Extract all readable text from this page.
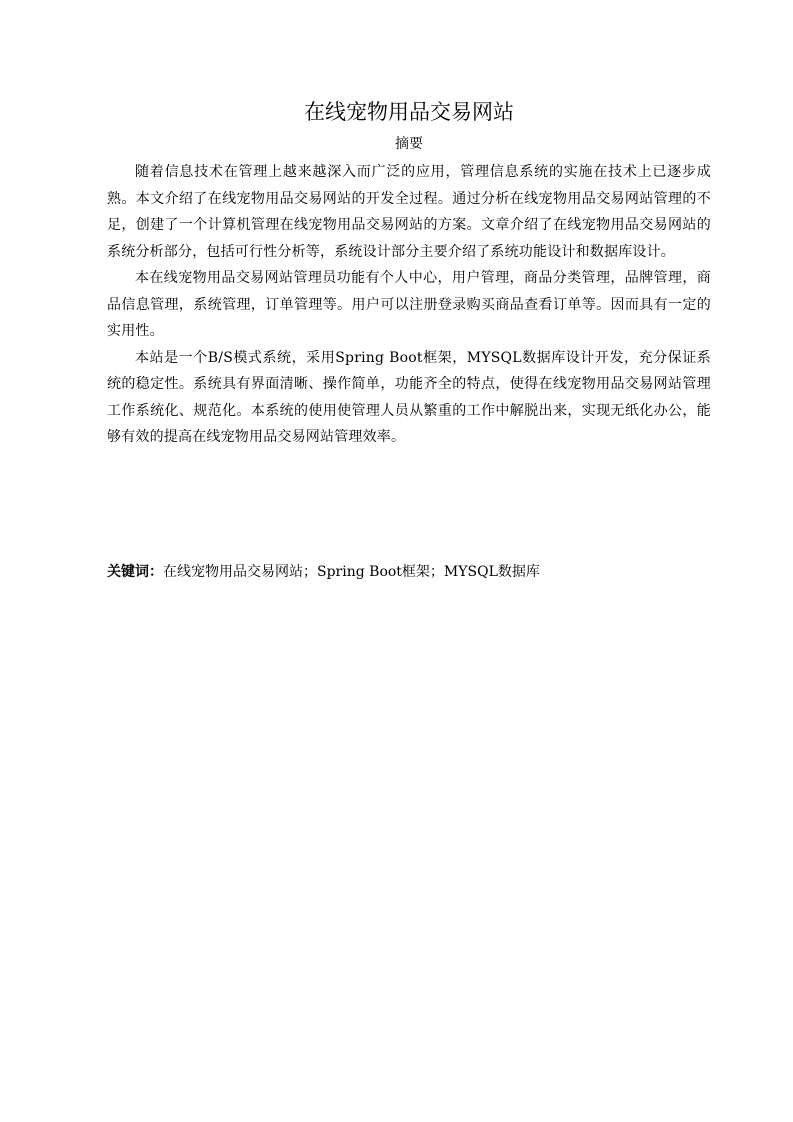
在线宠物用品交易网站
摘要

随着信息技术在管理上越来越深入而广泛的应用，管理信息系统的实施在技术上已逐步成熟。本文介绍了在线宠物用品交易网站的开发全过程。通过分析在线宠物用品交易网站管理的不足，创建了一个计算机管理在线宠物用品交易网站的方案。文章介绍了在线宠物用品交易网站的系统分析部分，包括可行性分析等，系统设计部分主要介绍了系统功能设计和数据库设计。

本在线宠物用品交易网站管理员功能有个人中心，用户管理，商品分类管理，品牌管理，商品信息管理，系统管理，订单管理等。用户可以注册登录购买商品查看订单等。因而具有一定的实用性。

本站是一个B/S模式系统，采用Spring Boot框架，MYSQL数据库设计开发，充分保证系统的稳定性。系统具有界面清晰、操作简单，功能齐全的特点，使得在线宠物用品交易网站管理工作系统化、规范化。本系统的使用使管理人员从繁重的工作中解脱出来，实现无纸化办公，能够有效的提高在线宠物用品交易网站管理效率。

关键词：在线宠物用品交易网站；Spring Boot框架；MYSQL数据库
